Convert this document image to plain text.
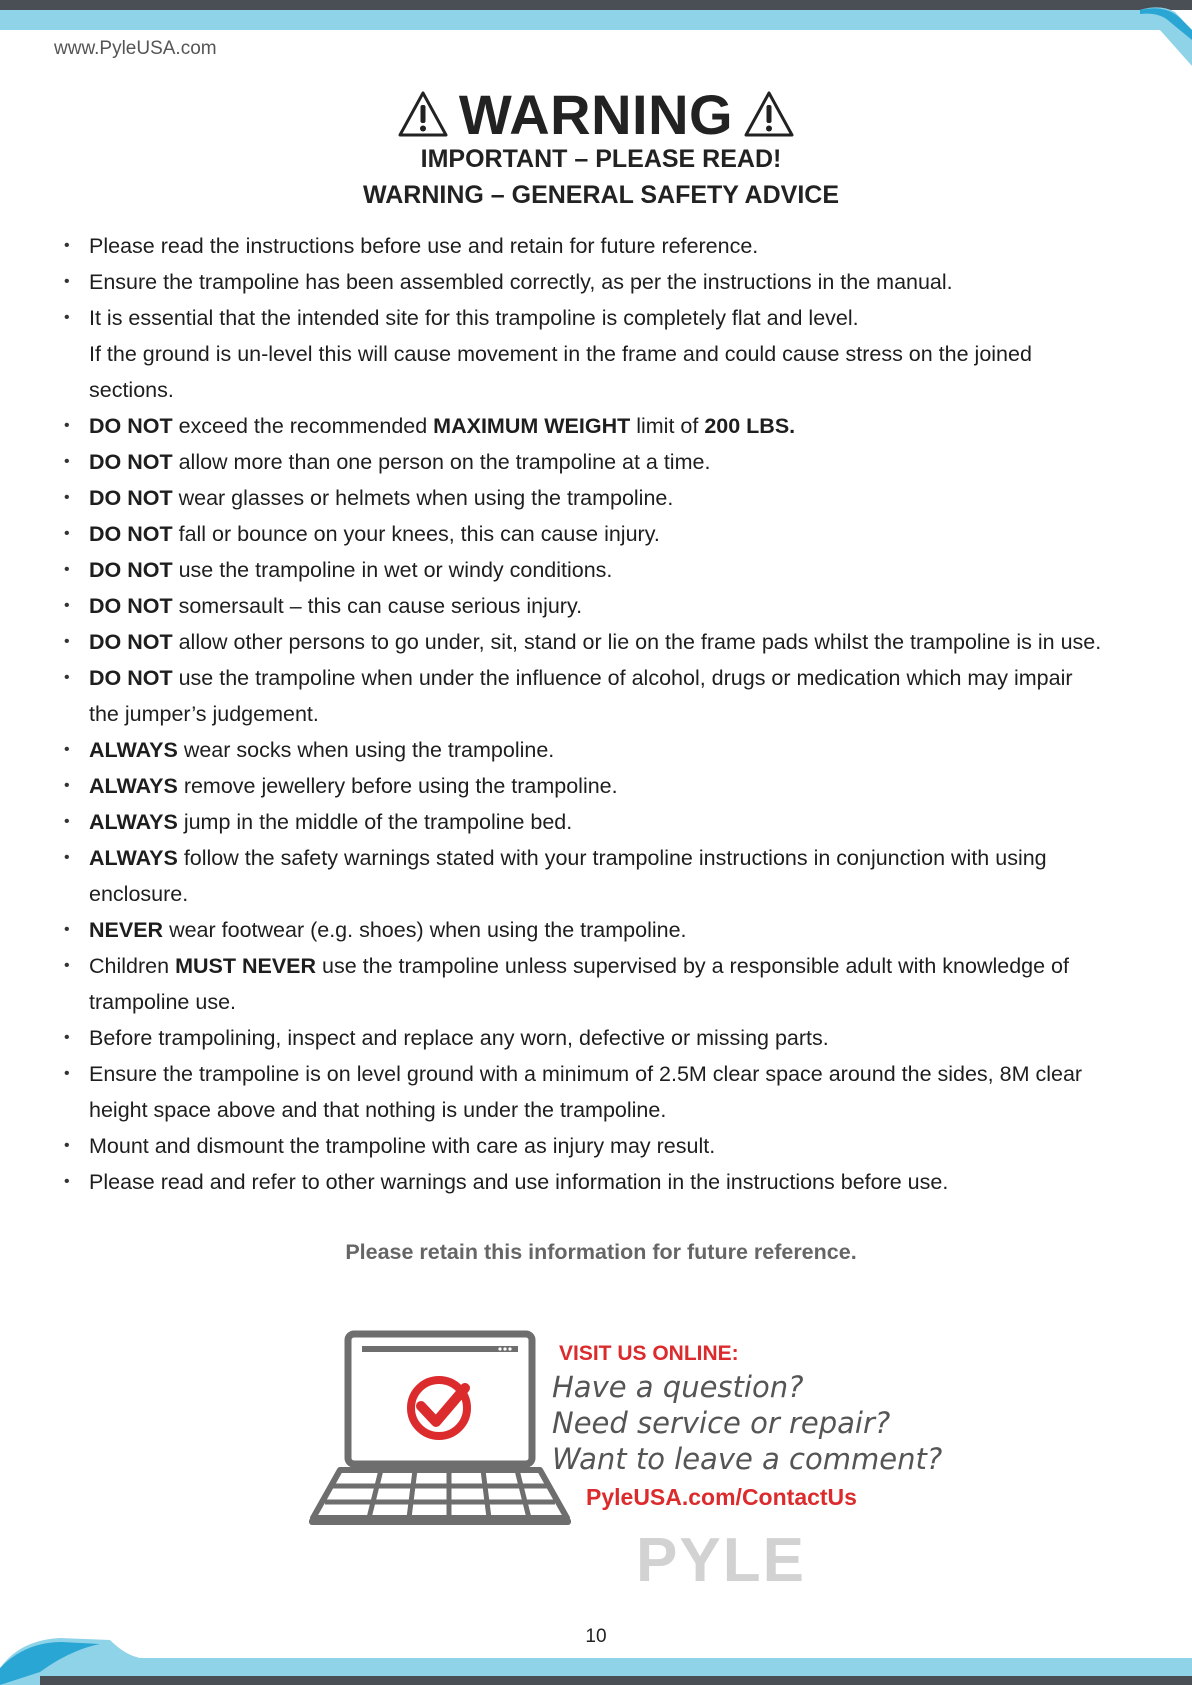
www.PyleUSA.com
WARNING
IMPORTANT – PLEASE READ!
WARNING – GENERAL SAFETY ADVICE
• Please read the instructions before use and retain for future reference.
• Ensure the trampoline has been assembled correctly, as per the instructions in the manual.
• It is essential that the intended site for this trampoline is completely flat and level.
If the ground is un-level this will cause movement in the frame and could cause stress on the joined
sections.
• DO NOT exceed the recommended MAXIMUM WEIGHT limit of 200 LBS.
• DO NOT allow more than one person on the trampoline at a time.
• DO NOT wear glasses or helmets when using the trampoline.
• DO NOT fall or bounce on your knees, this can cause injury.
• DO NOT use the trampoline in wet or windy conditions.
• DO NOT somersault – this can cause serious injury.
• DO NOT allow other persons to go under, sit, stand or lie on the frame pads whilst the trampoline is in use.
• DO NOT use the trampoline when under the influence of alcohol, drugs or medication which may impair
the jumper’s judgement.
• ALWAYS wear socks when using the trampoline.
• ALWAYS remove jewellery before using the trampoline.
• ALWAYS jump in the middle of the trampoline bed.
• ALWAYS follow the safety warnings stated with your trampoline instructions in conjunction with using
enclosure.
• NEVER wear footwear (e.g. shoes) when using the trampoline.
• Children MUST NEVER use the trampoline unless supervised by a responsible adult with knowledge of
trampoline use.
• Before trampolining, inspect and replace any worn, defective or missing parts.
• Ensure the trampoline is on level ground with a minimum of 2.5M clear space around the sides, 8M clear
height space above and that nothing is under the trampoline.
• Mount and dismount the trampoline with care as injury may result.
• Please read and refer to other warnings and use information in the instructions before use.
Please retain this information for future reference.
VISIT US ONLINE:
Have a question?
Need service or repair?
Want to leave a comment?
PyleUSA.com/ContactUs
PYLE
10
